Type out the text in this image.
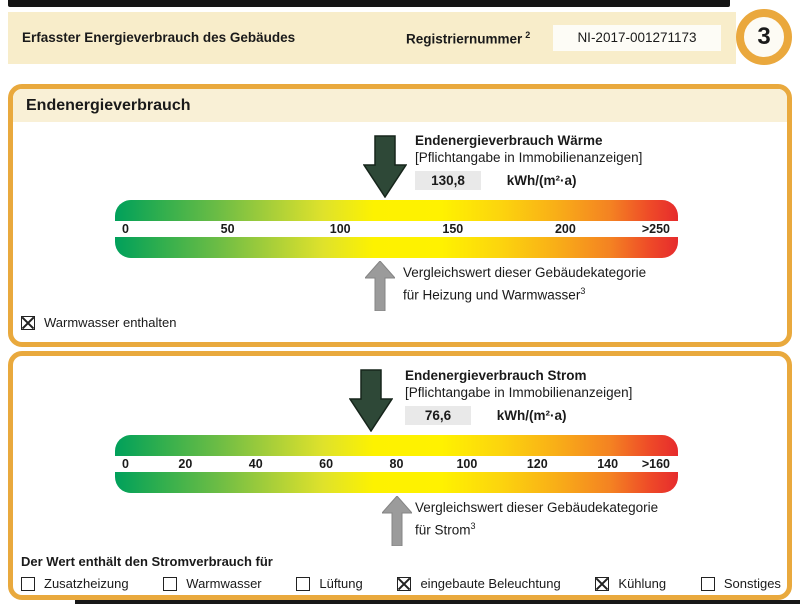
Erfasster Energieverbrauch des Gebäudes	Registriernummer $^2$	NI-2017-001271173	3
Endenergieverbrauch
0	50	100	150	200	>250
Endenergieverbrauch Wärme
[Pflichtangabe in Immobilienanzeigen]
130,8	kWh/(m²·a)
Vergleichswert dieser Gebäudekategorie
für Heizung und Warmwasser$^3$
Warmwasser enthalten
0	20	40	60	80	100	120	140 >160
Endenergieverbrauch Strom
[Pflichtangabe in Immobilienanzeigen]
76,6	kWh/(m²·a)
Vergleichswert dieser Gebäudekategorie
für Strom$^3$
Der Wert enthält den Stromverbrauch für
Zusatzheizung	Warmwasser	Lüftung	eingebaute Beleuchtung	Kühlung	Sonstiges
